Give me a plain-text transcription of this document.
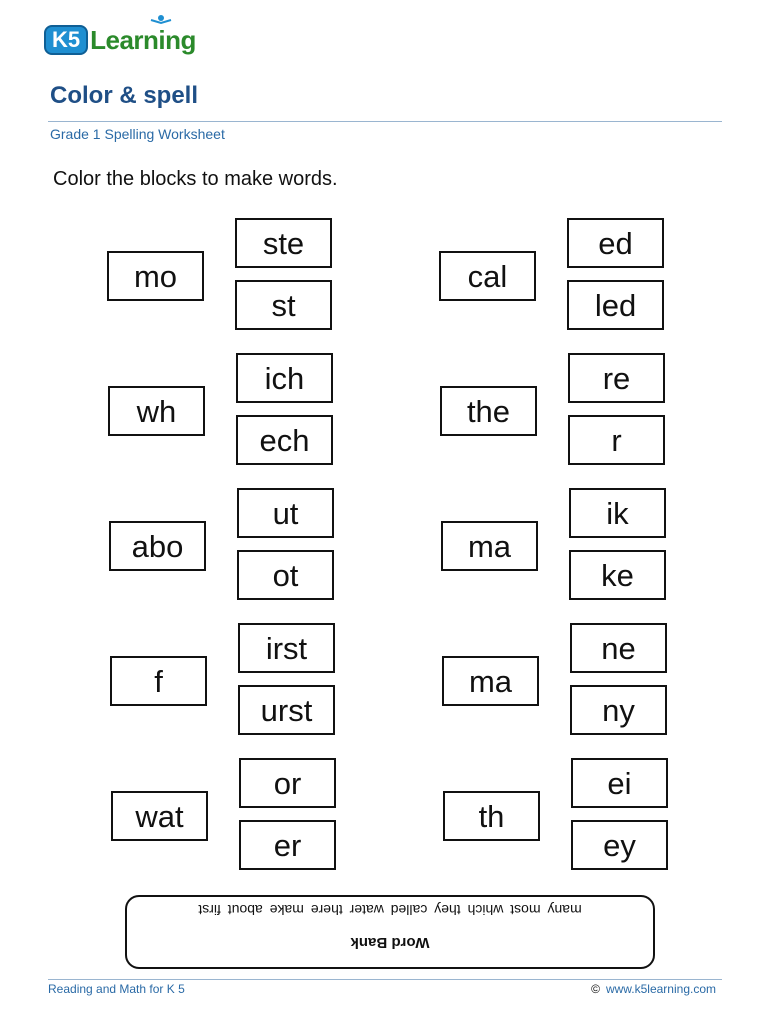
K5 Learning
Color & spell
Grade 1 Spelling Worksheet
Color the blocks to make words.
mo
ste
st
cal
ed
led
wh
ich
ech
the
re
r
abo
ut
ot
ma
ik
ke
f
irst
urst
ma
ne
ny
wat
or
er
th
ei
ey
Word Bank
many most which they called water there make about first
Reading and Math for K 5	© www.k5learning.com
